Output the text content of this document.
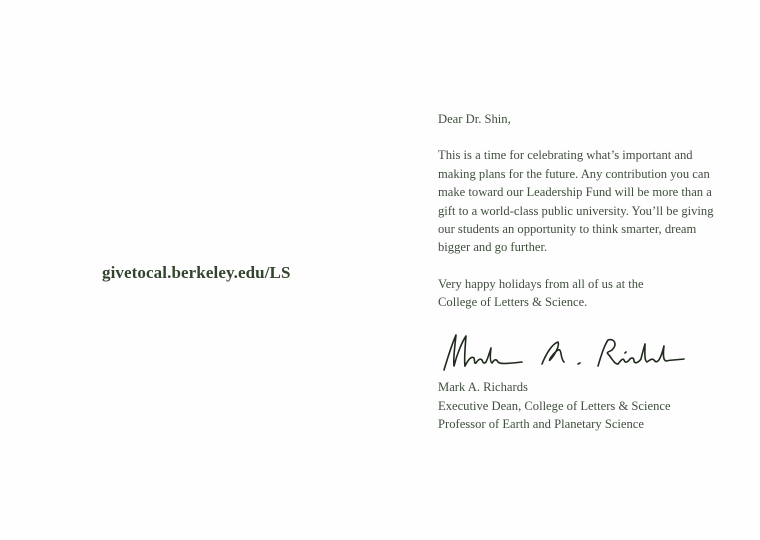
givetocal.berkeley.edu/LS

Dear Dr. Shin,

This is a time for celebrating what’s important and
making plans for the future. Any contribution you can
make toward our Leadership Fund will be more than a
gift to a world-class public university. You’ll be giving
our students an opportunity to think smarter, dream
bigger and go further.

Very happy holidays from all of us at the
College of Letters & Science.

Mark A. Richards
Executive Dean, College of Letters & Science
Professor of Earth and Planetary Science
